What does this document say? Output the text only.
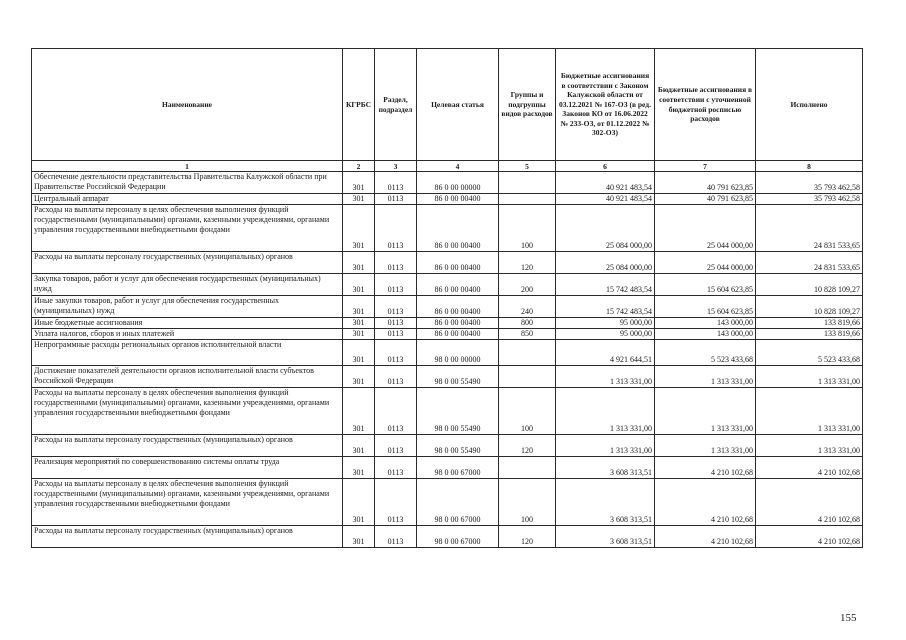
Наименование	КГРБС	Раздел, подраздел	Целевая статья	Группы и подгруппы видов расходов	Бюджетные ассигнования в соответствии с Законом Калужской области от 03.12.2021 № 167-ОЗ (в ред. Законов КО от 16.06.2022 № 233-ОЗ, от 01.12.2022 № 302-ОЗ)	Бюджетные ассигнования в соответствии с уточненной бюджетной росписью расходов	Исполнено
1	2	3	4	5	6	7	8
Обеспечение деятельности представительства Правительства Калужской области при Правительстве Российской Федерации	301	0113	86 0 00 00000		40 921 483,54	40 791 623,85	35 793 462,58
Центральный аппарат	301	0113	86 0 00 00400		40 921 483,54	40 791 623,85	35 793 462,58
Расходы на выплаты персоналу в целях обеспечения выполнения функций государственными (муниципальными) органами, казенными учреждениями, органами управления государственными внебюджетными фондами	301	0113	86 0 00 00400	100	25 084 000,00	25 044 000,00	24 831 533,65
Расходы на выплаты персоналу государственных (муниципальных) органов	301	0113	86 0 00 00400	120	25 084 000,00	25 044 000,00	24 831 533,65
Закупка товаров, работ и услуг для обеспечения государственных (муниципальных) нужд	301	0113	86 0 00 00400	200	15 742 483,54	15 604 623,85	10 828 109,27
Иные закупки товаров, работ и услуг для обеспечения государственных (муниципальных) нужд	301	0113	86 0 00 00400	240	15 742 483,54	15 604 623,85	10 828 109,27
Иные бюджетные ассигнования	301	0113	86 0 00 00400	800	95 000,00	143 000,00	133 819,66
Уплата налогов, сборов и иных платежей	301	0113	86 0 00 00400	850	95 000,00	143 000,00	133 819,66
Непрограммные расходы региональных органов исполнительной власти	301	0113	98 0 00 00000		4 921 644,51	5 523 433,68	5 523 433,68
Достижение показателей деятельности органов исполнительной власти субъектов Российской Федерации	301	0113	98 0 00 55490		1 313 331,00	1 313 331,00	1 313 331,00
Расходы на выплаты персоналу в целях обеспечения выполнения функций государственными (муниципальными) органами, казенными учреждениями, органами управления государственными внебюджетными фондами	301	0113	98 0 00 55490	100	1 313 331,00	1 313 331,00	1 313 331,00
Расходы на выплаты персоналу государственных (муниципальных) органов	301	0113	98 0 00 55490	120	1 313 331,00	1 313 331,00	1 313 331,00
Реализация мероприятий по совершенствованию системы оплаты труда	301	0113	98 0 00 67000		3 608 313,51	4 210 102,68	4 210 102,68
Расходы на выплаты персоналу в целях обеспечения выполнения функций государственными (муниципальными) органами, казенными учреждениями, органами управления государственными внебюджетными фондами	301	0113	98 0 00 67000	100	3 608 313,51	4 210 102,68	4 210 102,68
Расходы на выплаты персоналу государственных (муниципальных) органов	301	0113	98 0 00 67000	120	3 608 313,51	4 210 102,68	4 210 102,68
155
